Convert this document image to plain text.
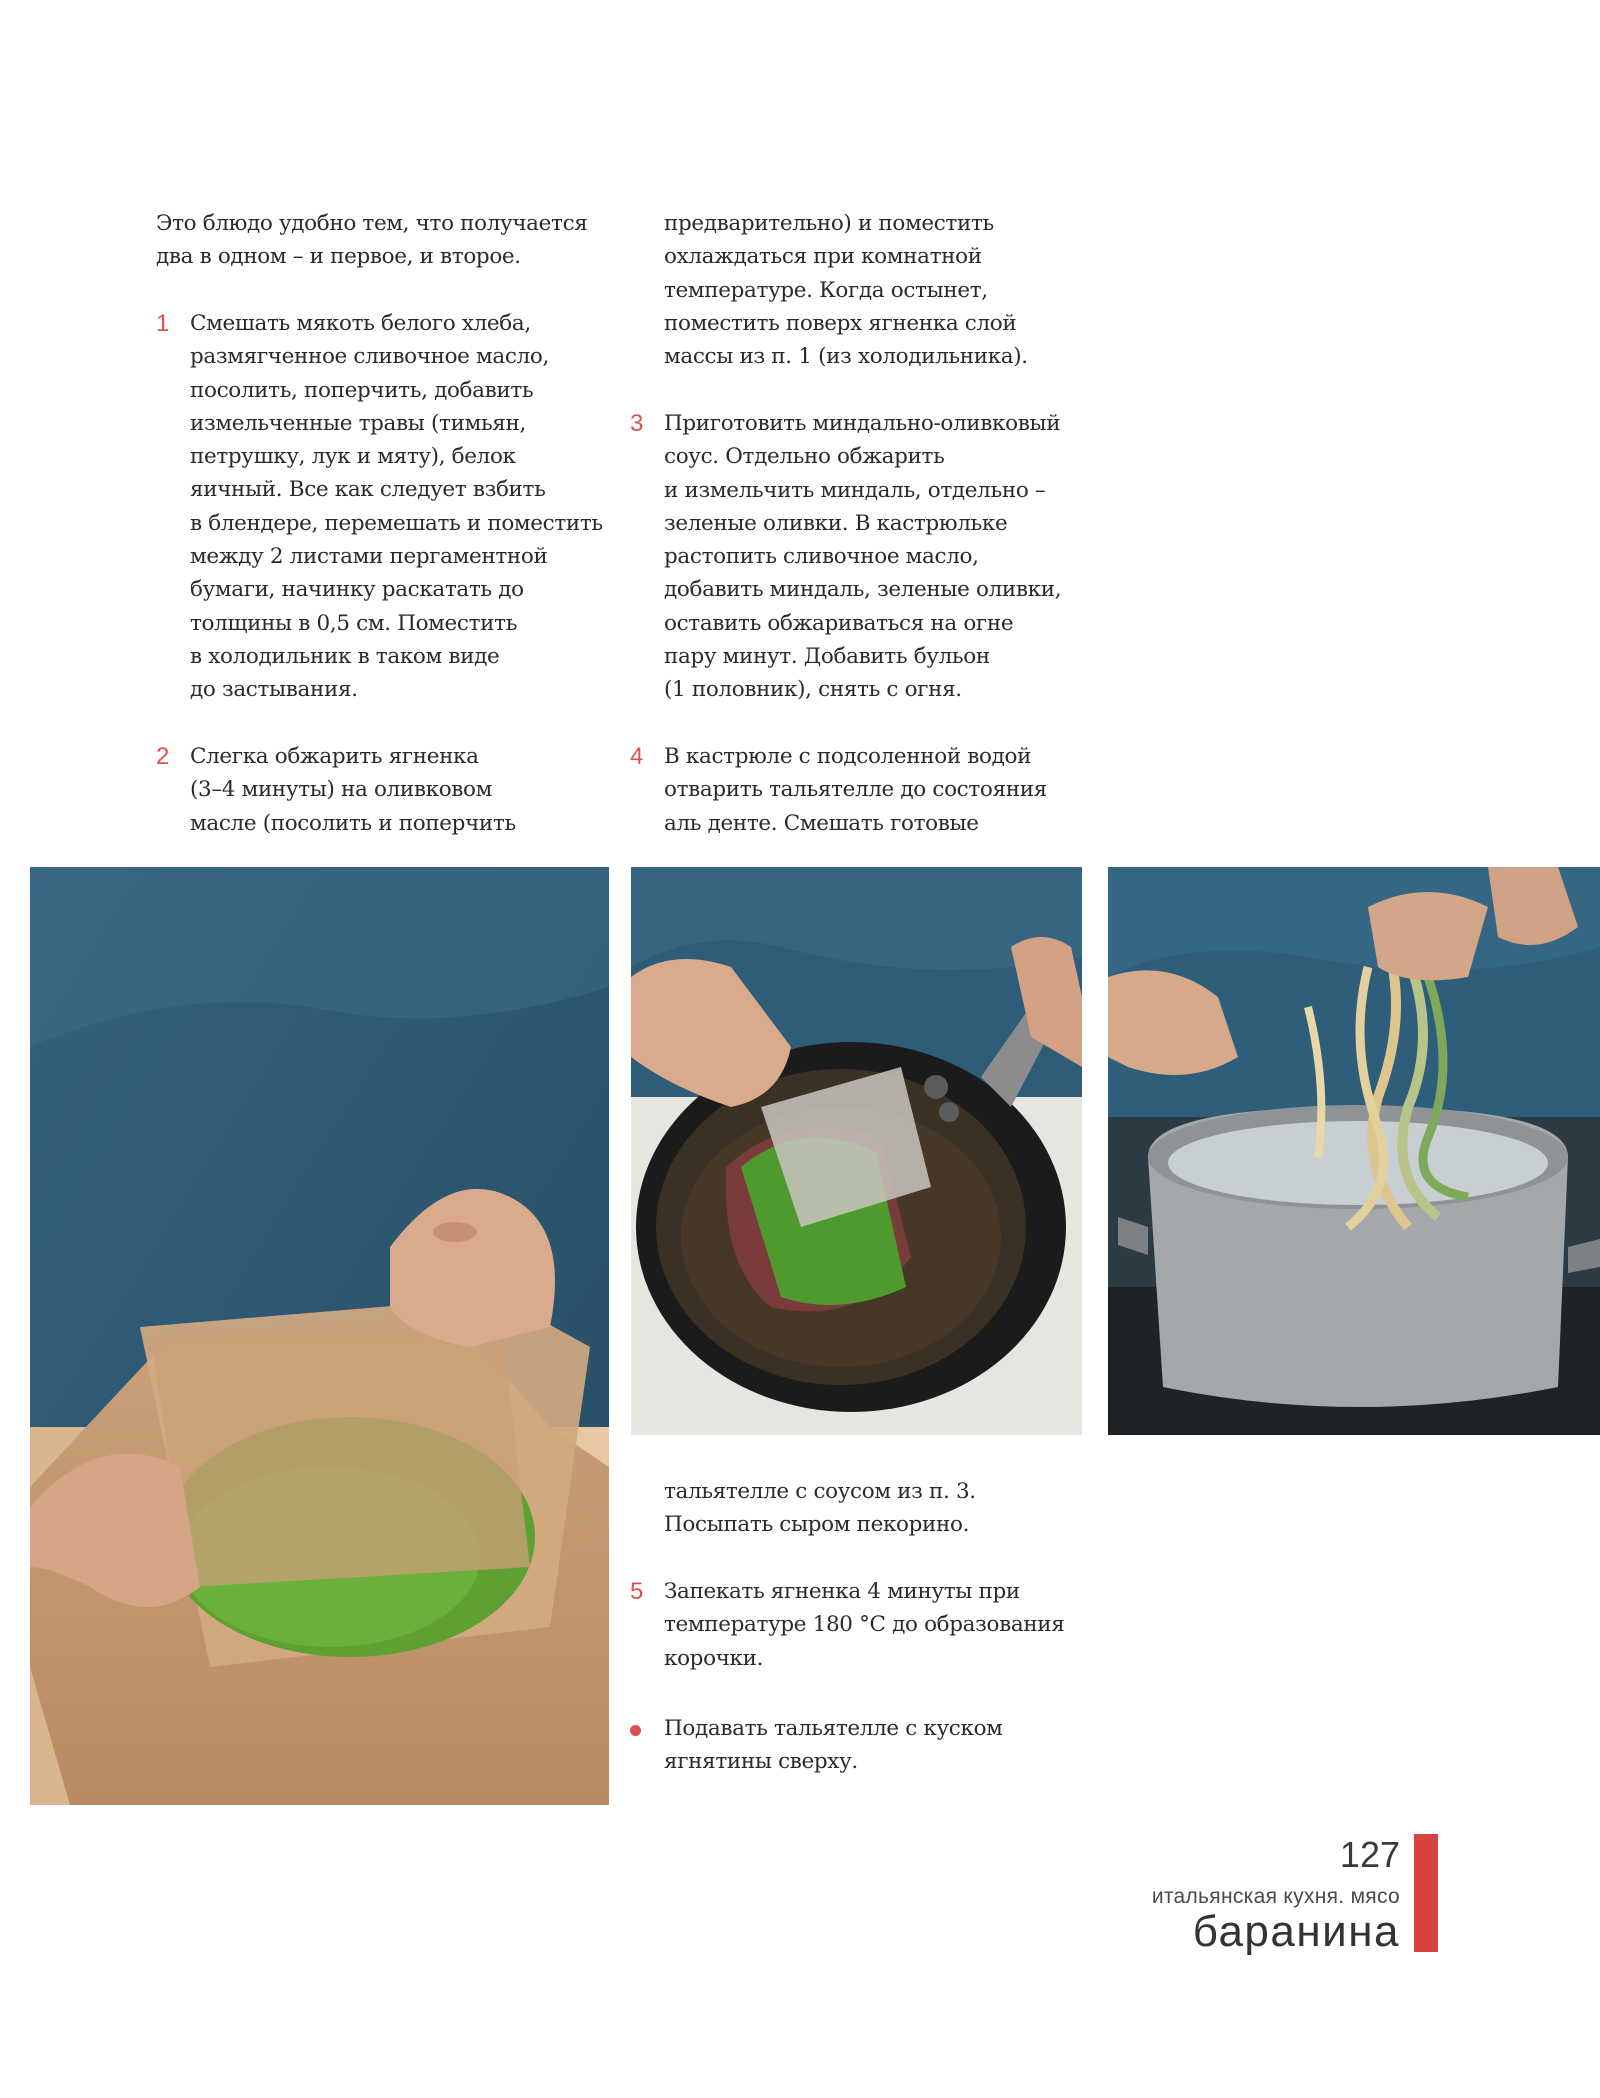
Это блюдо удобно тем, что получается
два в одном – и первое, и второе.
1 Смешать мякоть белого хлеба,
размягченное сливочное масло,
посолить, поперчить, добавить
измельченные травы (тимьян,
петрушку, лук и мяту), белок
яичный. Все как следует взбить
в блендере, перемешать и поместить
между 2 листами пергаментной
бумаги, начинку раскатать до
толщины в 0,5 см. Поместить
в холодильник в таком виде
до застывания.
2 Слегка обжарить ягненка
(3–4 минуты) на оливковом
масле (посолить и поперчить
предварительно) и поместить
охлаждаться при комнатной
температуре. Когда остынет,
поместить поверх ягненка слой
массы из п. 1 (из холодильника).
3 Приготовить миндально-оливковый
соус. Отдельно обжарить
и измельчить миндаль, отдельно –
зеленые оливки. В кастрюльке
растопить сливочное масло,
добавить миндаль, зеленые оливки,
оставить обжариваться на огне
пару минут. Добавить бульон
(1 половник), снять с огня.
4 В кастрюле с подсоленной водой
отварить тальятелле до состояния
аль денте. Смешать готовые
тальятелле с соусом из п. 3.
Посыпать сыром пекорино.
5 Запекать ягненка 4 минуты при
температуре 180 °С до образования
корочки.
Подавать тальятелле с куском
ягнятины сверху.
127
итальянская кухня. мясо
баранина
